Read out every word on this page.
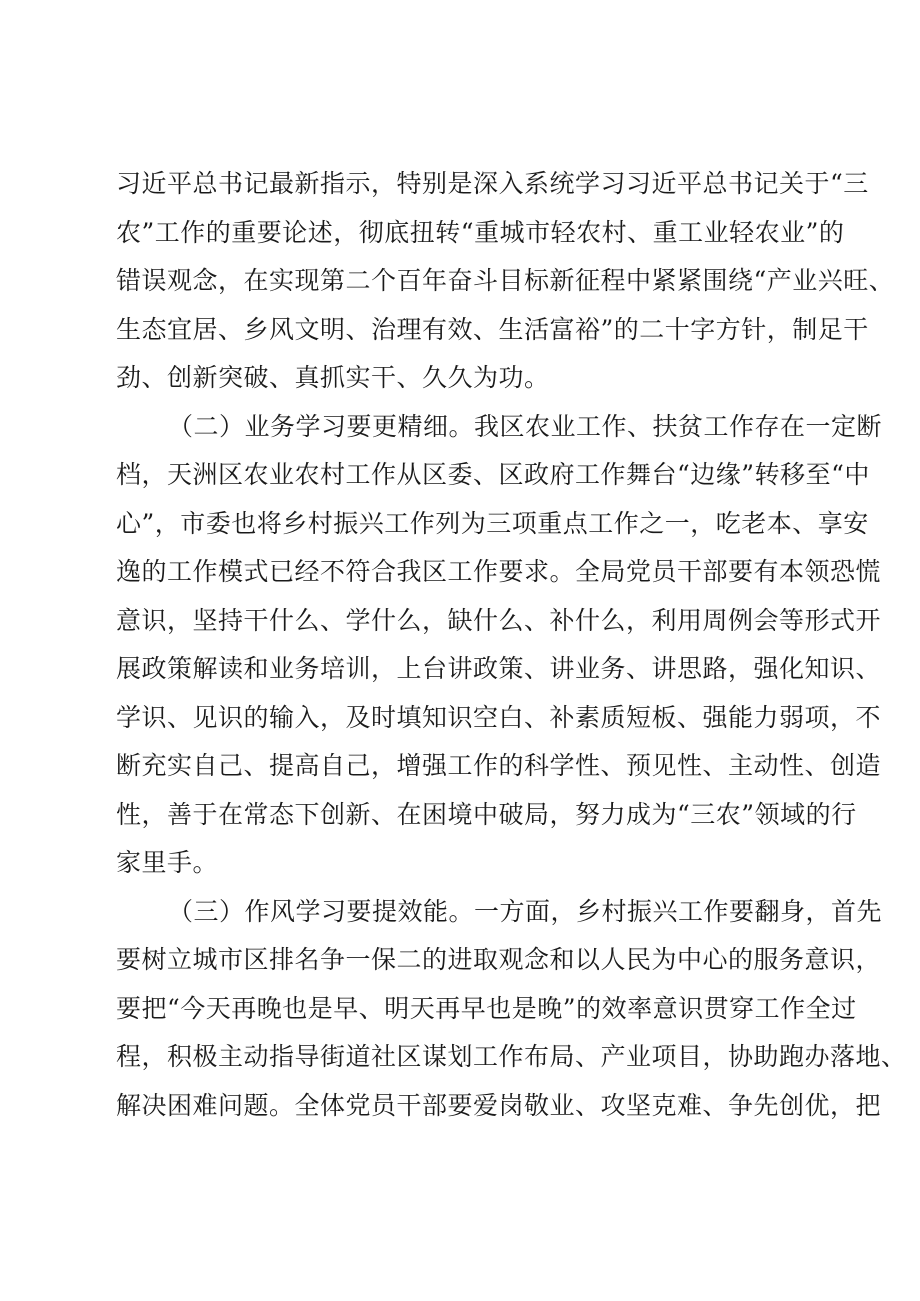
习近平总书记最新指示，特别是深入系统学习习近平总书记关于“三
农”工作的重要论述，彻底扭转“重城市轻农村、重工业轻农业”的
错误观念，在实现第二个百年奋斗目标新征程中紧紧围绕“产业兴旺、
生态宜居、乡风文明、治理有效、生活富裕”的二十字方针，制足干
劲、创新突破、真抓实干、久久为功。
（二）业务学习要更精细。我区农业工作、扶贫工作存在一定断
档，天洲区农业农村工作从区委、区政府工作舞台“边缘”转移至“中
心”，市委也将乡村振兴工作列为三项重点工作之一，吃老本、享安
逸的工作模式已经不符合我区工作要求。全局党员干部要有本领恐慌
意识，坚持干什么、学什么，缺什么、补什么，利用周例会等形式开
展政策解读和业务培训，上台讲政策、讲业务、讲思路，强化知识、
学识、见识的输入，及时填知识空白、补素质短板、强能力弱项，不
断充实自己、提高自己，增强工作的科学性、预见性、主动性、创造
性，善于在常态下创新、在困境中破局，努力成为“三农”领域的行
家里手。
（三）作风学习要提效能。一方面，乡村振兴工作要翻身，首先
要树立城市区排名争一保二的进取观念和以人民为中心的服务意识，
要把“今天再晚也是早、明天再早也是晚”的效率意识贯穿工作全过
程，积极主动指导街道社区谋划工作布局、产业项目，协助跑办落地、
解决困难问题。全体党员干部要爱岗敬业、攻坚克难、争先创优，把
